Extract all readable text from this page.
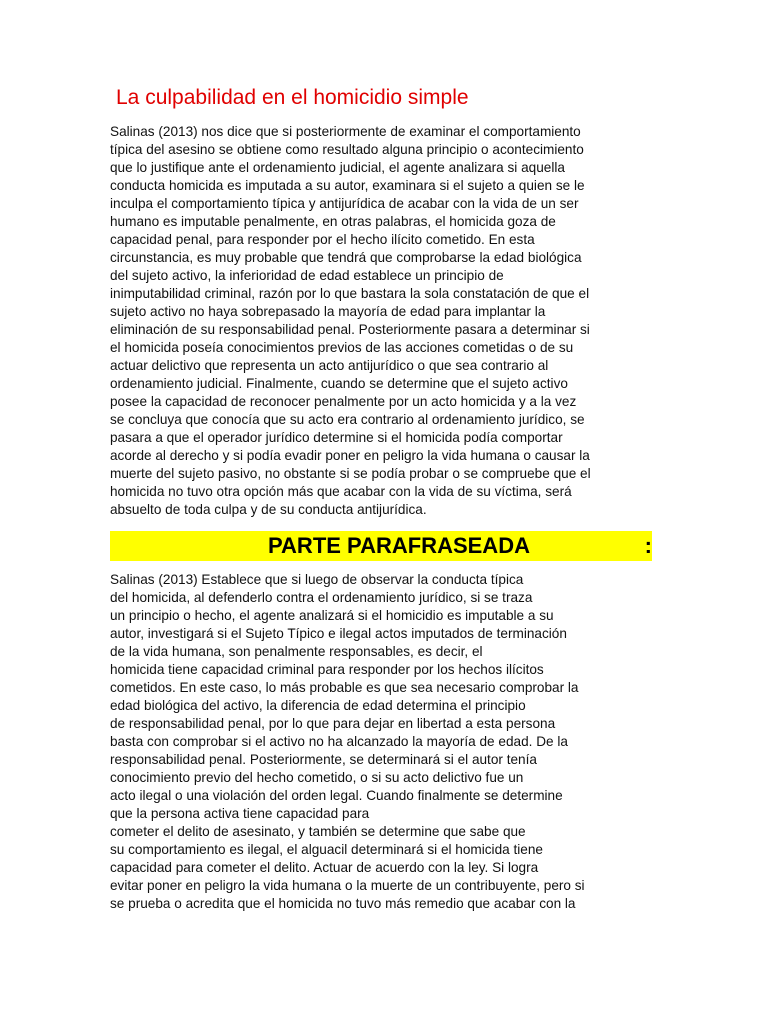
La culpabilidad en el homicidio simple
Salinas (2013) nos dice que si posteriormente de examinar el comportamiento
típica del asesino se obtiene como resultado alguna principio o acontecimiento
que lo justifique ante el ordenamiento judicial, el agente analizara si aquella
conducta homicida es imputada a su autor, examinara si el sujeto a quien se le
inculpa el comportamiento típica y antijurídica de acabar con la vida de un ser
humano es imputable penalmente, en otras palabras, el homicida goza de
capacidad penal, para responder por el hecho ilícito cometido. En esta
circunstancia, es muy probable que tendrá que comprobarse la edad biológica
del sujeto activo, la inferioridad de edad establece un principio de
inimputabilidad criminal, razón por lo que bastara la sola constatación de que el
sujeto activo no haya sobrepasado la mayoría de edad para implantar la
eliminación de su responsabilidad penal. Posteriormente pasara a determinar si
el homicida poseía conocimientos previos de las acciones cometidas o de su
actuar delictivo que representa un acto antijurídico o que sea contrario al
ordenamiento judicial. Finalmente, cuando se determine que el sujeto activo
posee la capacidad de reconocer penalmente por un acto homicida y a la vez
se concluya que conocía que su acto era contrario al ordenamiento jurídico, se
pasara a que el operador jurídico determine si el homicida podía comportar
acorde al derecho y si podía evadir poner en peligro la vida humana o causar la
muerte del sujeto pasivo, no obstante si se podía probar o se compruebe que el
homicida no tuvo otra opción más que acabar con la vida de su víctima, será
absuelto de toda culpa y de su conducta antijurídica.
PARTE PARAFRASEADA	:
Salinas (2013) Establece que si luego de observar la conducta típica
del homicida, al defenderlo contra el ordenamiento jurídico, si se traza
un principio o hecho, el agente analizará si el homicidio es imputable a su
autor, investigará si el Sujeto Típico e ilegal actos imputados de terminación
de la vida humana, son penalmente responsables, es decir, el
homicida tiene capacidad criminal para responder por los hechos ilícitos
cometidos. En este caso, lo más probable es que sea necesario comprobar la
edad biológica del activo, la diferencia de edad determina el principio
de responsabilidad penal, por lo que para dejar en libertad a esta persona
basta con comprobar si el activo no ha alcanzado la mayoría de edad. De la
responsabilidad penal. Posteriormente, se determinará si el autor tenía
conocimiento previo del hecho cometido, o si su acto delictivo fue un
acto ilegal o una violación del orden legal. Cuando finalmente se determine
que la persona activa tiene capacidad para
cometer el delito de asesinato, y también se determine que sabe que
su comportamiento es ilegal, el alguacil determinará si el homicida tiene
capacidad para cometer el delito. Actuar de acuerdo con la ley. Si logra
evitar poner en peligro la vida humana o la muerte de un contribuyente, pero si
se prueba o acredita que el homicida no tuvo más remedio que acabar con la
